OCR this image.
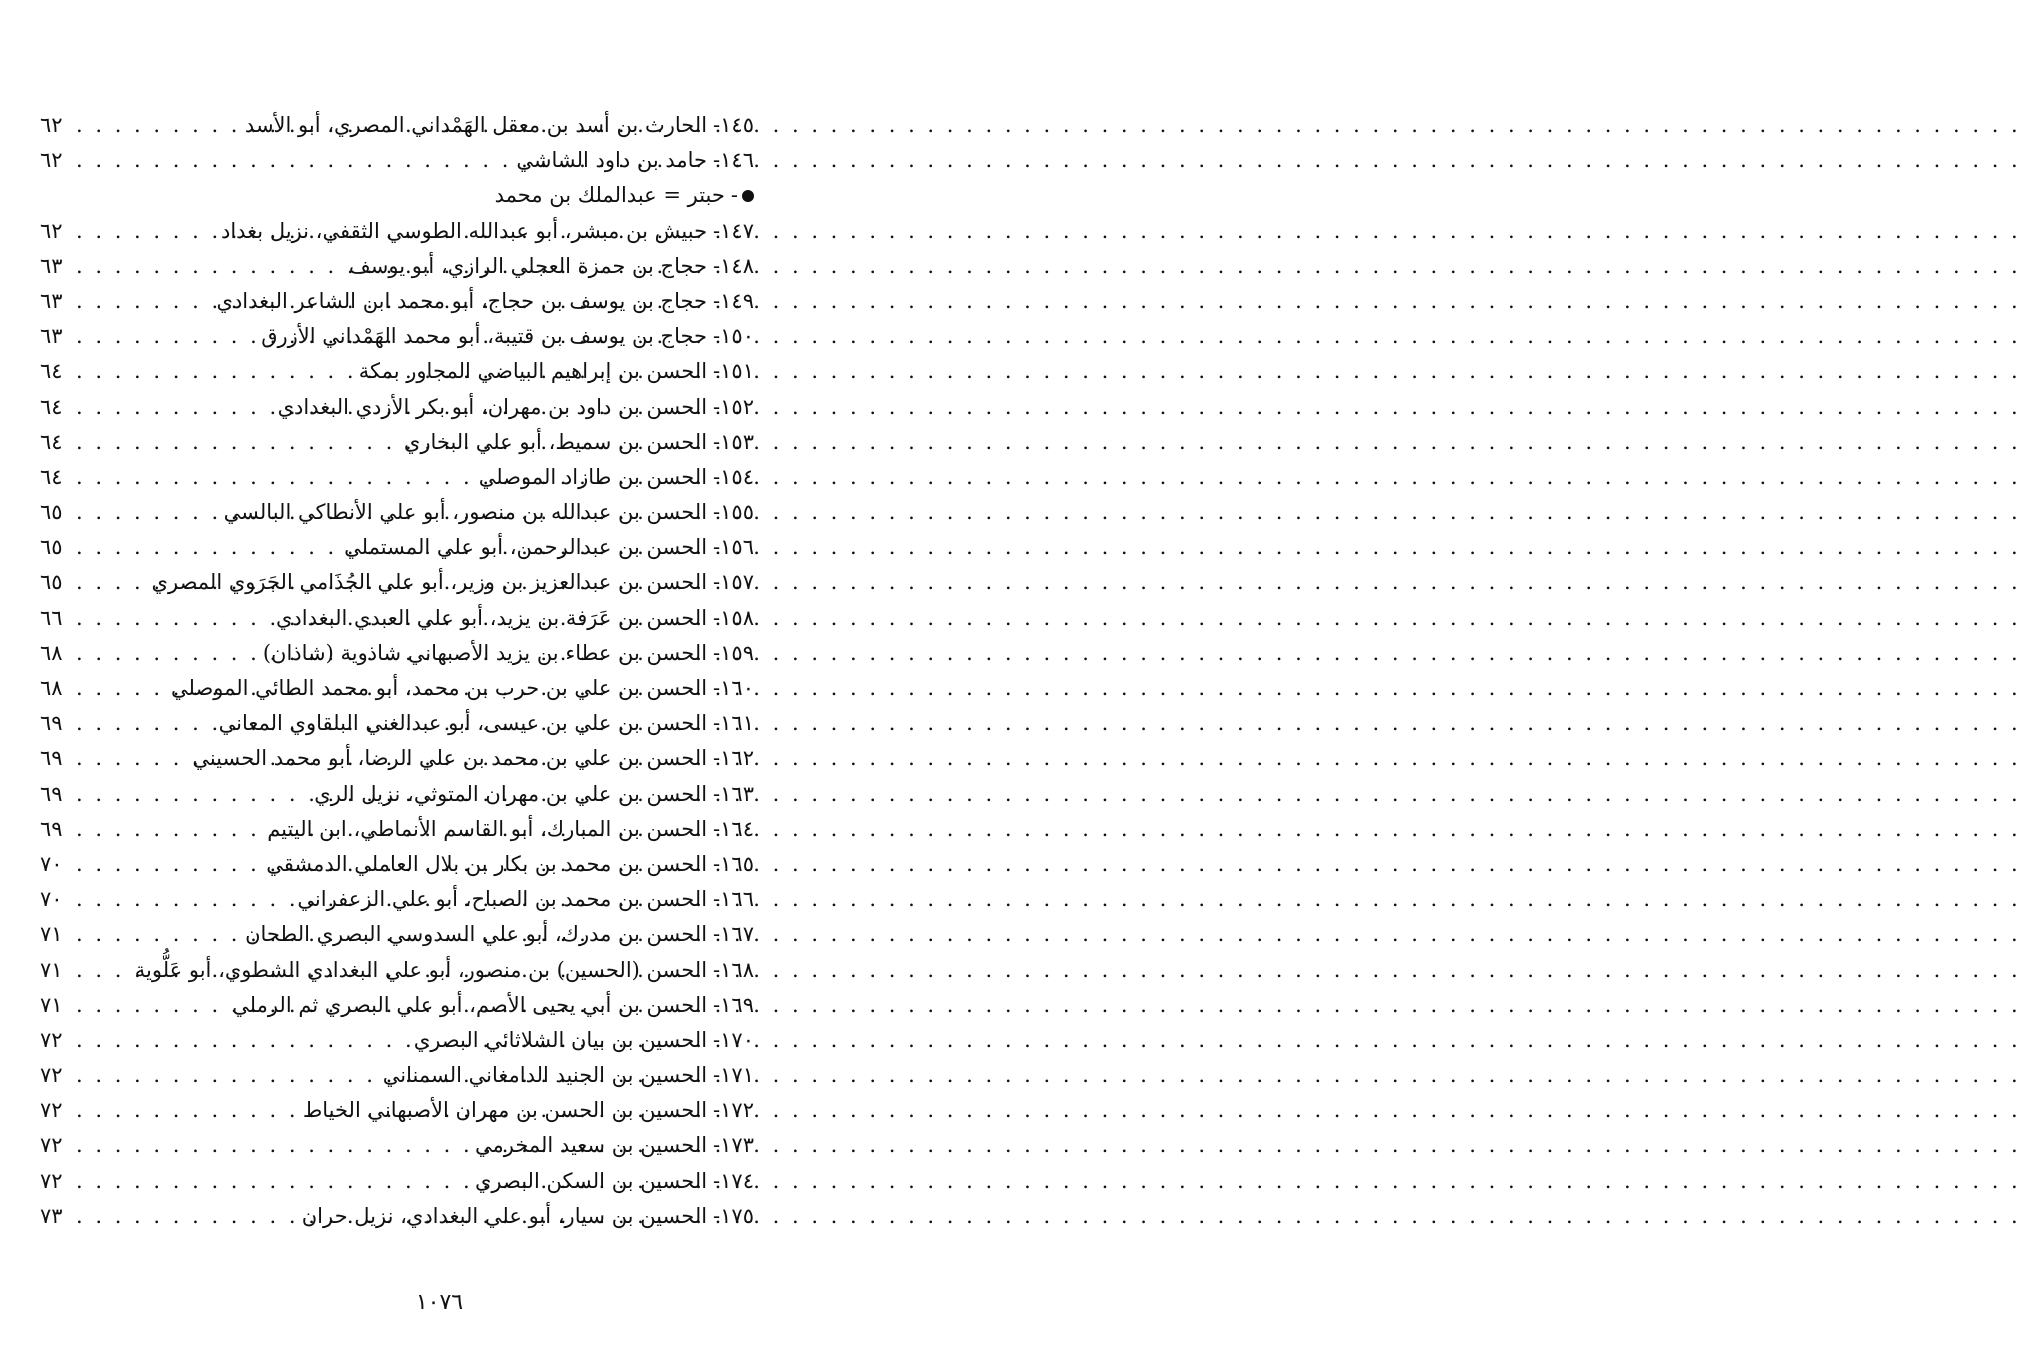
١٤٥-
الحارث بن أسد بن معقل الهَمْداني المصري، أبو الأسد
. . .
٦٢
١٤٦-
حامد بن داود الشاشي
. . .
٦٢
-
حبتر = عبدالملك بن محمد
١٤٧-
حبيش بن مبشر، أبو عبدالله الطوسي الثقفي، نزيل بغداد
. . .
٦٢
١٤٨-
حجاج بن حمزة العجلي الرازي، أبو يوسف
. . .
٦٣
١٤٩-
حجاج بن يوسف بن حجاج، أبو محمد ابن الشاعر البغدادي
. . .
٦٣
١٥٠-
حجاج بن يوسف بن قتيبة، أبو محمد الهَمْداني الأزرق
. . .
٦٣
١٥١-
الحسن بن إبراهيم البياضي المجاور بمكة
. . .
٦٤
١٥٢-
الحسن بن داود بن مهران، أبو بكر الأزدي البغدادي
. . .
٦٤
١٥٣-
الحسن بن سميط، أبو علي البخاري
. . .
٦٤
١٥٤-
الحسن بن طازاد الموصلي
. . .
٦٤
١٥٥-
الحسن بن عبدالله بن منصور، أبو علي الأنطاكي البالسي
. . .
٦٥
١٥٦-
الحسن بن عبدالرحمن، أبو علي المستملي
. . .
٦٥
١٥٧-
الحسن بن عبدالعزيز بن وزير، أبو علي الجُذَامي الجَرَوي المصري
. . .
٦٥
١٥٨-
الحسن بن عَرَفة بن يزيد، أبو علي العبدي البغدادي
. . .
٦٦
١٥٩-
الحسن بن عطاء بن يزيد الأصبهاني شاذوية (شاذان)
. . .
٦٨
١٦٠-
الحسن بن علي بن حرب بن محمد، أبو محمد الطائي الموصلي
. . .
٦٨
١٦١-
الحسن بن علي بن عيسى، أبو عبدالغني البلقاوي المعاني
. . .
٦٩
١٦٢-
الحسن بن علي بن محمد بن علي الرضا، أبو محمد الحسيني
. . .
٦٩
١٦٣-
الحسن بن علي بن مهران المتوثي، نزيل الري
. . .
٦٩
١٦٤-
الحسن بن المبارك، أبو القاسم الأنماطي، ابن اليتيم
. . .
٦٩
١٦٥-
الحسن بن محمد بن بكار بن بلال العاملي الدمشقي
. . .
٧٠
١٦٦-
الحسن بن محمد بن الصباح، أبو علي الزعفراني
. . .
٧٠
١٦٧-
الحسن بن مدرك، أبو علي السدوسي البصري الطحان
. . .
٧١
١٦٨-
الحسن (الحسين) بن منصور، أبو علي البغدادي الشطوي، أبو عَلُّوية
. . .
٧١
١٦٩-
الحسن بن أبي يحيى الأصم، أبو علي البصري ثم الرملي
. . .
٧١
١٧٠-
الحسين بن بيان الشلاثائي البصري
. . .
٧٢
١٧١-
الحسين بن الجنيد الدامغاني السمناني
. . .
٧٢
١٧٢-
الحسين بن الحسن بن مهران الأصبهاني الخياط
. . .
٧٢
١٧٣-
الحسين بن سعيد المخرمي
. . .
٧٢
١٧٤-
الحسين بن السكن البصري
. . .
٧٢
١٧٥-
الحسين بن سيار، أبو علي البغدادي، نزيل حران
. . .
٧٣
١٠٧٦
